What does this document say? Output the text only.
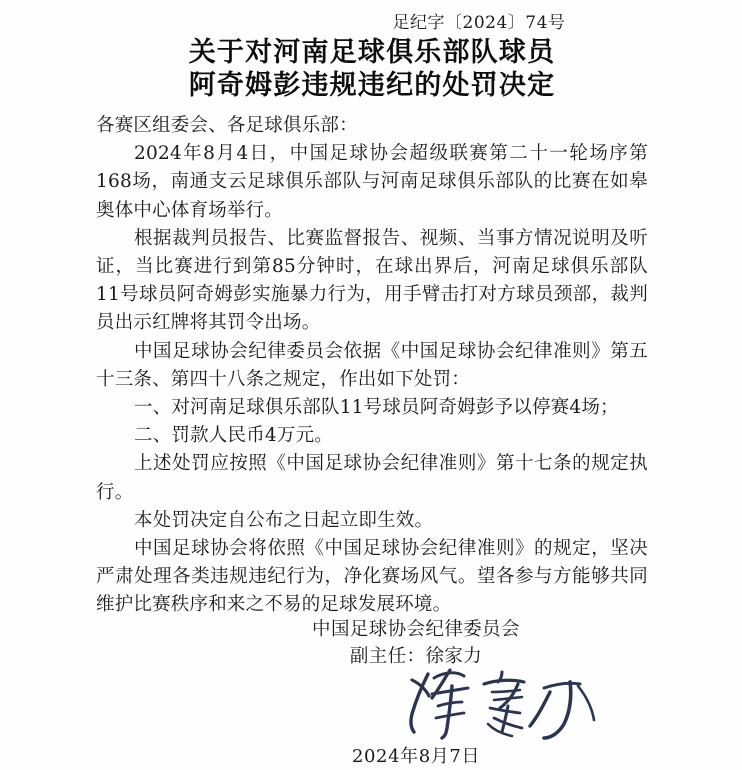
足纪字〔2024〕74号
关于对河南足球俱乐部队球员
阿奇姆彭违规违纪的处罚决定

各赛区组委会、各足球俱乐部：

2024年8月4日，中国足球协会超级联赛第二十一轮场序第168场，南通支云足球俱乐部队与河南足球俱乐部队的比赛在如皋奥体中心体育场举行。

根据裁判员报告、比赛监督报告、视频、当事方情况说明及听证，当比赛进行到第85分钟时，在球出界后，河南足球俱乐部队11号球员阿奇姆彭实施暴力行为，用手臂击打对方球员颈部，裁判员出示红牌将其罚令出场。

中国足球协会纪律委员会依据《中国足球协会纪律准则》第五十三条、第四十八条之规定，作出如下处罚：

一、对河南足球俱乐部队11号球员阿奇姆彭予以停赛4场；

二、罚款人民币4万元。

上述处罚应按照《中国足球协会纪律准则》第十七条的规定执行。

本处罚决定自公布之日起立即生效。

中国足球协会将依照《中国足球协会纪律准则》的规定，坚决严肃处理各类违规违纪行为，净化赛场风气。望各参与方能够共同维护比赛秩序和来之不易的足球发展环境。

中国足球协会纪律委员会
副主任：徐家力
2024年8月7日
